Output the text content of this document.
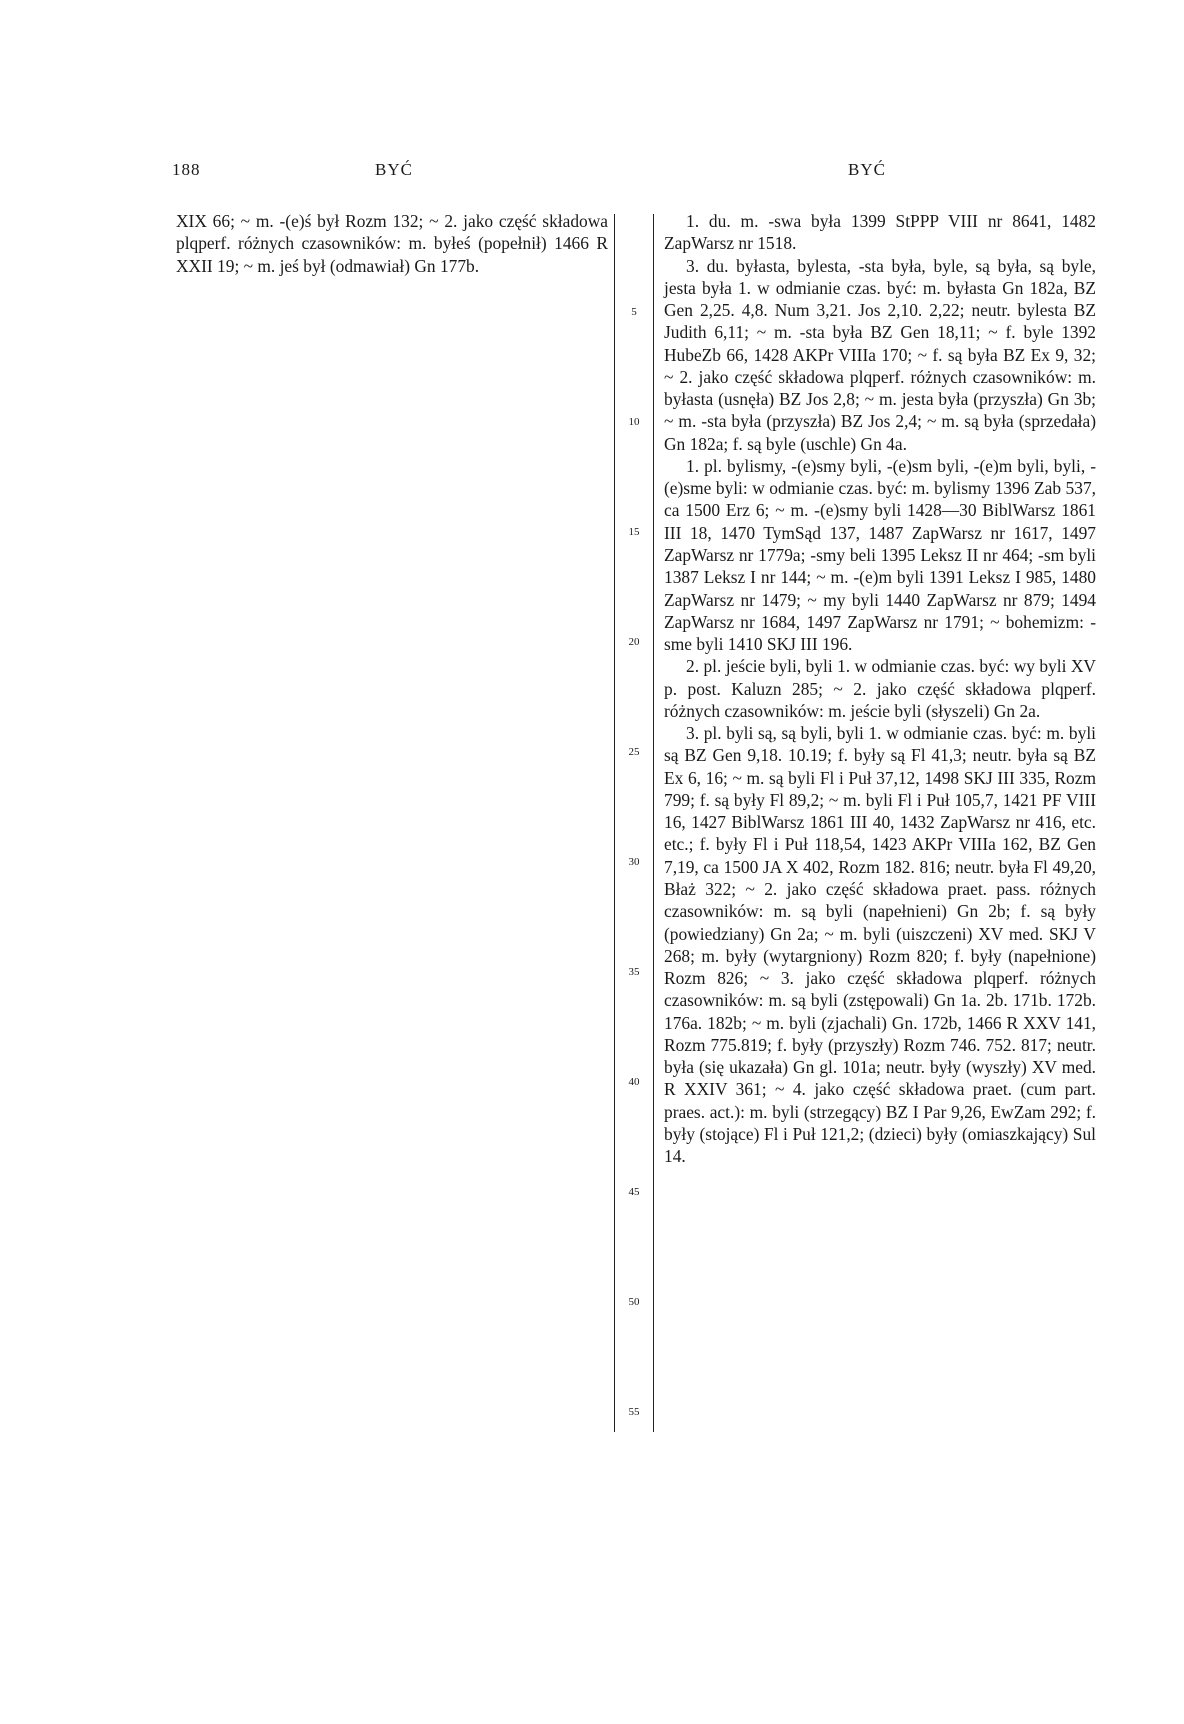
188	BYĆ	BYĆ

XIX 66; ~ m. -(e)ś był Rozm 132; ~ 2. jako część składowa plqperf. różnych czasowników: m. byłeś (popełnił) 1466 R XXII 19; ~ m. jeś był (odmawiał) Gn 177b.

5
10
15
20
25
30
35
40
45
50
55

1. du. m. -swa była 1399 StPPP VIII nr 8641, 1482 ZapWarsz nr 1518.

3. du. byłasta, bylesta, -sta była, byle, są była, są byle, jesta była 1. w odmianie czas. być: m. byłasta Gn 182a, BZ Gen 2,25. 4,8. Num 3,21. Jos 2,10. 2,22; neutr. bylesta BZ Judith 6,11; ~ m. -sta była BZ Gen 18,11; ~ f. byle 1392 HubeZb 66, 1428 AKPr VIIIa 170; ~ f. są była BZ Ex 9, 32; ~ 2. jako część składowa plqperf. różnych czasowników: m. byłasta (usnęła) BZ Jos 2,8; ~ m. jesta była (przyszła) Gn 3b; ~ m. -sta była (przyszła) BZ Jos 2,4; ~ m. są była (sprzedała) Gn 182a; f. są byle (uschle) Gn 4a.

1. pl. bylismy, -(e)smy byli, -(e)sm byli, -(e)m byli, byli, -(e)sme byli: w odmianie czas. być: m. bylismy 1396 Zab 537, ca 1500 Erz 6; ~ m. -(e)smy byli 1428—30 BiblWarsz 1861 III 18, 1470 TymSąd 137, 1487 ZapWarsz nr 1617, 1497 ZapWarsz nr 1779a; -smy beli 1395 Leksz II nr 464; -sm byli 1387 Leksz I nr 144; ~ m. -(e)m byli 1391 Leksz I 985, 1480 ZapWarsz nr 1479; ~ my byli 1440 ZapWarsz nr 879; 1494 ZapWarsz nr 1684, 1497 ZapWarsz nr 1791; ~ bohemizm: -sme byli 1410 SKJ III 196.

2. pl. jeście byli, byli 1. w odmianie czas. być: wy byli XV p. post. Kaluzn 285; ~ 2. jako część składowa plqperf. różnych czasowników: m. jeście byli (słyszeli) Gn 2a.

3. pl. byli są, są byli, byli 1. w odmianie czas. być: m. byli są BZ Gen 9,18. 10.19; f. były są Fl 41,3; neutr. była są BZ Ex 6, 16; ~ m. są byli Fl i Puł 37,12, 1498 SKJ III 335, Rozm 799; f. są były Fl 89,2; ~ m. byli Fl i Puł 105,7, 1421 PF VIII 16, 1427 BiblWarsz 1861 III 40, 1432 ZapWarsz nr 416, etc. etc.; f. były Fl i Puł 118,54, 1423 AKPr VIIIa 162, BZ Gen 7,19, ca 1500 JA X 402, Rozm 182. 816; neutr. była Fl 49,20, Błaż 322; ~ 2. jako część składowa praet. pass. różnych czasowników: m. są byli (napełnieni) Gn 2b; f. są były (powiedziany) Gn 2a; ~ m. byli (uiszczeni) XV med. SKJ V 268; m. były (wytargniony) Rozm 820; f. były (napełnione) Rozm 826; ~ 3. jako część składowa plqperf. różnych czasowników: m. są byli (zstępowali) Gn 1a. 2b. 171b. 172b. 176a. 182b; ~ m. byli (zjachali) Gn. 172b, 1466 R XXV 141, Rozm 775.819; f. były (przyszły) Rozm 746. 752. 817; neutr. była (się ukazała) Gn gl. 101a; neutr. były (wyszły) XV med. R XXIV 361; ~ 4. jako część składowa praet. (cum part. praes. act.): m. byli (strzegący) BZ I Par 9,26, EwZam 292; f. były (stojące) Fl i Puł 121,2; (dzieci) były (omiaszkający) Sul 14.
